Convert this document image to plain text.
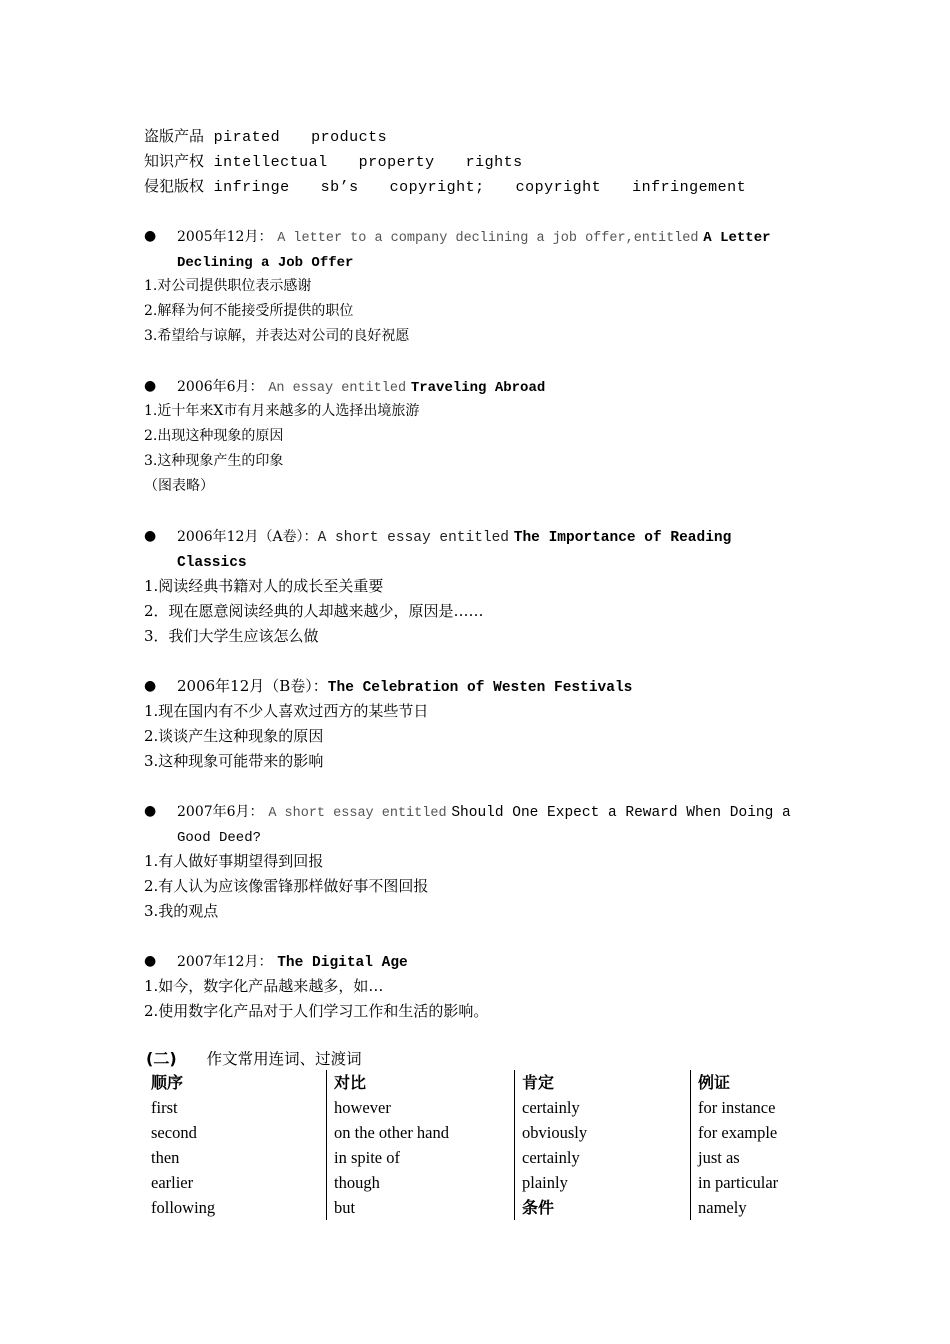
盗版产品 pirated  products
知识产权 intellectual  property  rights
侵犯版权 infringe  sb’s  copyright;  copyright  infringement

●

2005年12月： A letter to a company declining a job offer,entitled A Letter

Declining a Job Offer
1.对公司提供职位表示感谢
2.解释为何不能接受所提供的职位
3.希望给与谅解，并表达对公司的良好祝愿

●

2006年6月： An essay entitled Traveling Abroad

1.近十年来X市有月来越多的人选择出境旅游
2.出现这种现象的原因
3.这种现象产生的印象
（图表略）

●

2006年12月（A卷）：A short essay entitled The Importance of Reading

Classics
1.阅读经典书籍对人的成长至关重要
2．现在愿意阅读经典的人却越来越少，原因是……
3．我们大学生应该怎么做

●

2006年12月（B卷）：The Celebration of Westen Festivals

1.现在国内有不少人喜欢过西方的某些节日
2.谈谈产生这种现象的原因
3.这种现象可能带来的影响

●

2007年6月： A short essay entitled Should One Expect a Reward When Doing a

Good Deed?
1.有人做好事期望得到回报
2.有人认为应该像雷锋那样做好事不图回报
3.我的观点

●

2007年12月： The Digital Age

1.如今，数字化产品越来越多，如…
2.使用数字化产品对于人们学习工作和生活的影响。
(二) 作文常用连词、过渡词
顺序	对比	肯定	例证
first	however	certainly	for instance
second	on the other hand	obviously	for example
then	in spite of	certainly	just as
earlier	though	plainly	in particular
following	but	条件	namely
